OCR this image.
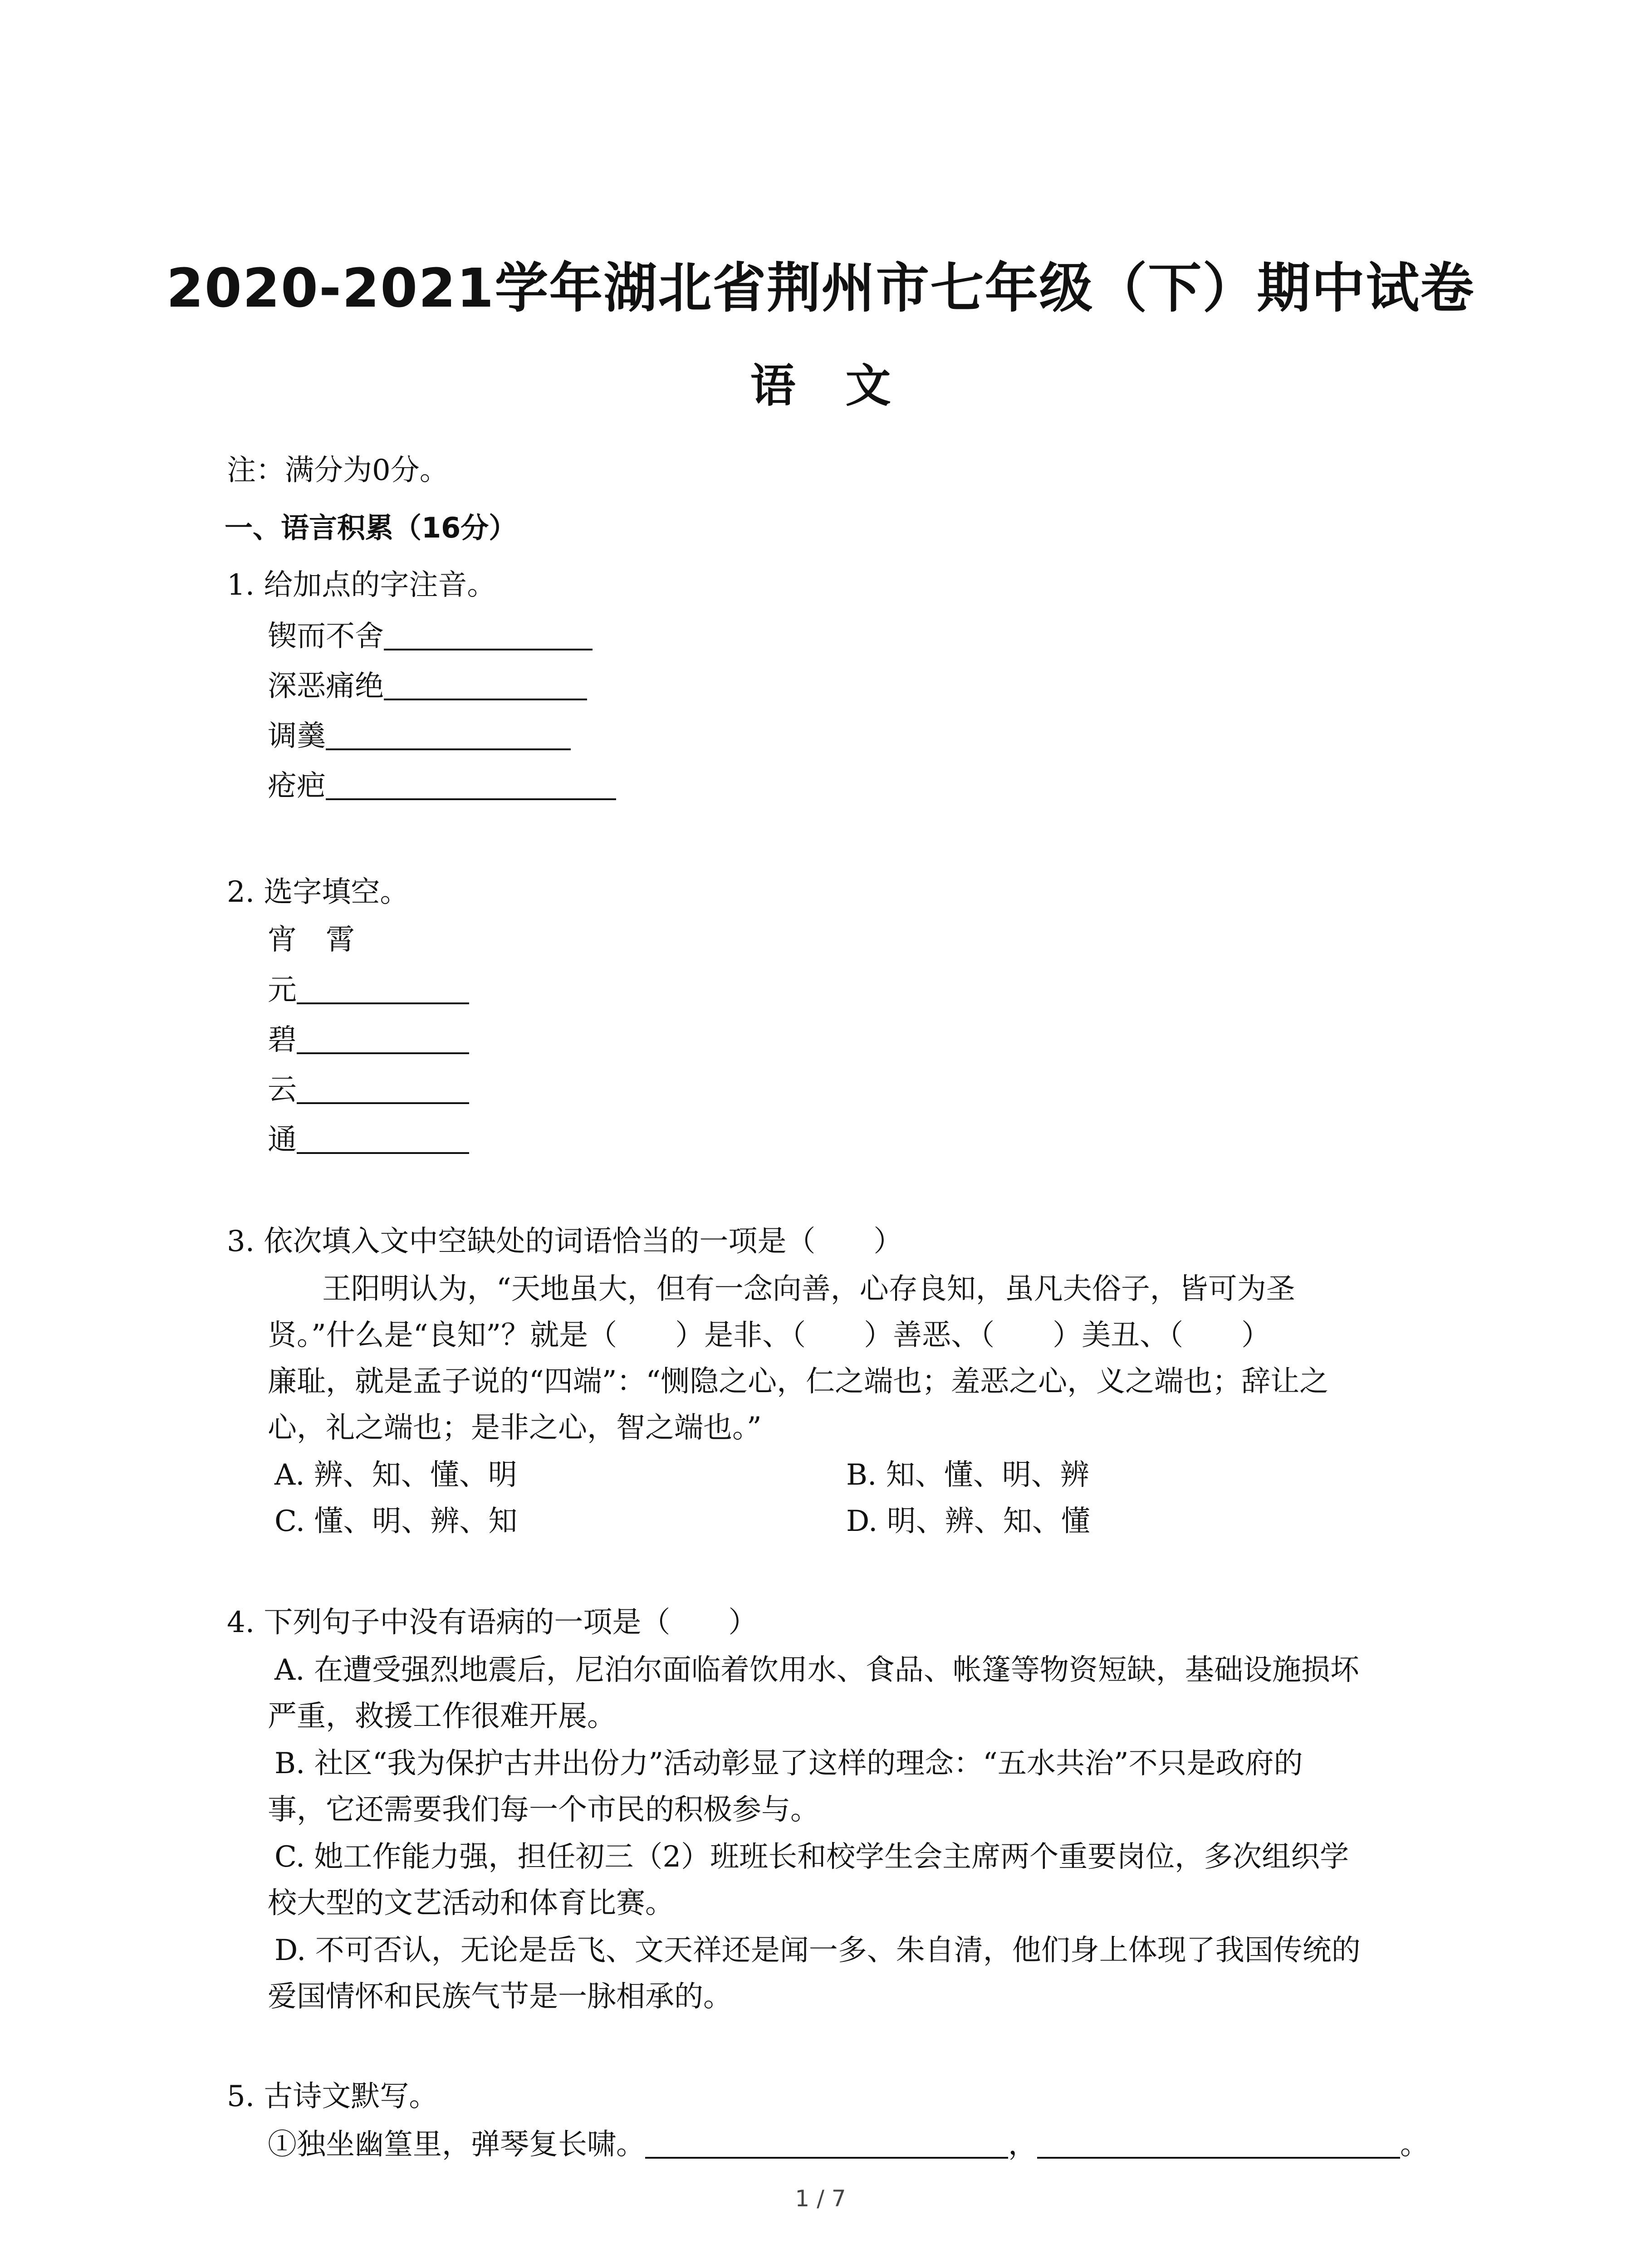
2020-2021学年湖北省荆州市七年级（下）期中试卷
语文
注：满分为0分。
一、语言积累（16分）
1. 给加点的字注音。
锲而不舍
深恶痛绝
调羹
疮疤
2. 选字填空。
宵　霄
元
碧
云
通
3. 依次填入文中空缺处的词语恰当的一项是（　　）
王阳明认为，“天地虽大，但有一念向善，心存良知，虽凡夫俗子，皆可为圣
贤。”什么是“良知”？就是（　　）是非、（　　）善恶、（　　）美丑、（　　）
廉耻，就是孟子说的“四端”：“恻隐之心，仁之端也；羞恶之心，义之端也；辞让之
心，礼之端也；是非之心，智之端也。”
A. 辨、知、懂、明	B. 知、懂、明、辨
C. 懂、明、辨、知	D. 明、辨、知、懂
4. 下列句子中没有语病的一项是（　　）
A. 在遭受强烈地震后，尼泊尔面临着饮用水、食品、帐篷等物资短缺，基础设施损坏
严重，救援工作很难开展。
B. 社区“我为保护古井出份力”活动彰显了这样的理念：“五水共治”不只是政府的
事，它还需要我们每一个市民的积极参与。
C. 她工作能力强，担任初三（2）班班长和校学生会主席两个重要岗位，多次组织学
校大型的文艺活动和体育比赛。
D. 不可否认，无论是岳飞、文天祥还是闻一多、朱自清，他们身上体现了我国传统的
爱国情怀和民族气节是一脉相承的。
5. 古诗文默写。
①独坐幽篁里，弹琴复长啸。	，	。
1 / 7
